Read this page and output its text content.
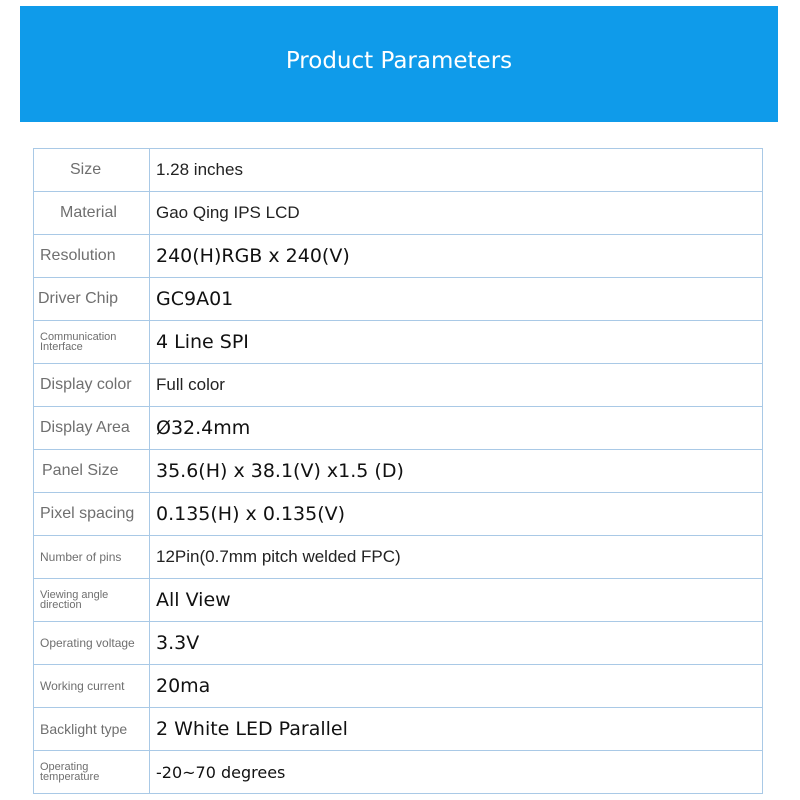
Product Parameters
Size	1.28 inches
Material	Gao Qing IPS LCD
Resolution	240(H)RGB x 240(V)
Driver Chip	GC9A01
Communication Interface	4 Line SPI
Display color	Full color
Display Area	Ø32.4mm
Panel Size	35.6(H) x 38.1(V) x1.5 (D)
Pixel spacing	0.135(H) x 0.135(V)
Number of pins	12Pin(0.7mm pitch welded FPC)
Viewing angle direction	All View
Operating voltage	3.3V
Working current	20ma
Backlight type	2 White LED Parallel
Operating temperature	-20~70 degrees
